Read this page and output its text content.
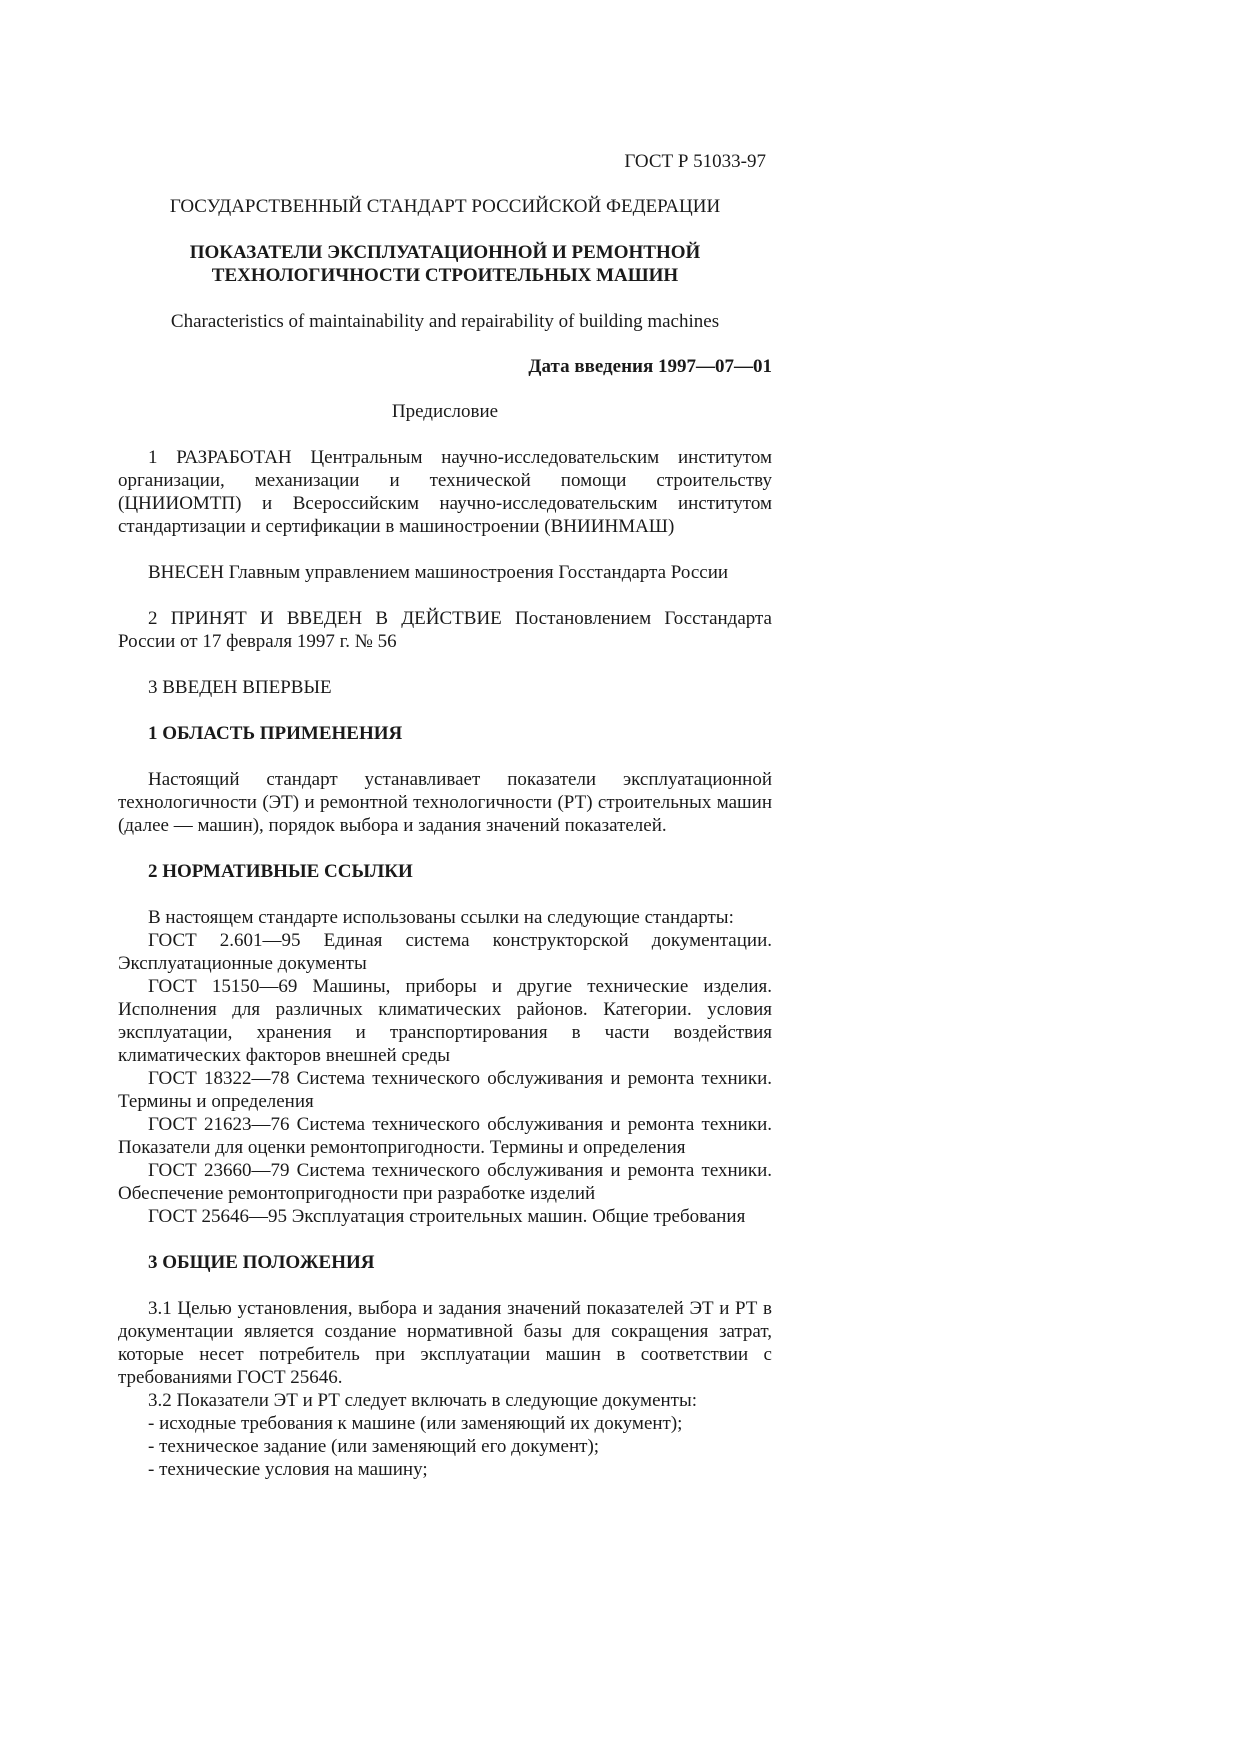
ГОСТ Р 51033-97
ГОСУДАРСТВЕННЫЙ СТАНДАРТ РОССИЙСКОЙ ФЕДЕРАЦИИ
ПОКАЗАТЕЛИ ЭКСПЛУАТАЦИОННОЙ И РЕМОНТНОЙ
ТЕХНОЛОГИЧНОСТИ СТРОИТЕЛЬНЫХ МАШИН
Characteristics of maintainability and repairability of building machines
Дата введения 1997—07—01
Предисловие

1 РАЗРАБОТАН Центральным научно-исследовательским институтом организации, механизации и технической помощи строительству (ЦНИИОМТП) и Всероссийским научно-исследовательским институтом стандартизации и сертификации в машиностроении (ВНИИНМАШ)

ВНЕСЕН Главным управлением машиностроения Госстандарта России

2 ПРИНЯТ И ВВЕДЕН В ДЕЙСТВИЕ Постановлением Госстандарта России от 17 февраля 1997 г. № 56

3 ВВЕДЕН ВПЕРВЫЕ

1 ОБЛАСТЬ ПРИМЕНЕНИЯ

Настоящий стандарт устанавливает показатели эксплуатационной технологичности (ЭТ) и ремонтной технологичности (РТ) строительных машин (далее — машин), порядок выбора и задания значений показателей.

2 НОРМАТИВНЫЕ ССЫЛКИ

В настоящем стандарте использованы ссылки на следующие стандарты:

ГОСТ 2.601—95 Единая система конструкторской документации. Эксплуатационные документы

ГОСТ 15150—69 Машины, приборы и другие технические изделия. Исполнения для различных климатических районов. Категории. условия эксплуатации, хранения и транспортирования в части воздействия климатических факторов внешней среды

ГОСТ 18322—78 Система технического обслуживания и ремонта техники. Термины и определения

ГОСТ 21623—76 Система технического обслуживания и ремонта техники. Показатели для оценки ремонтопригодности. Термины и определения

ГОСТ 23660—79 Система технического обслуживания и ремонта техники. Обеспечение ремонтопригодности при разработке изделий

ГОСТ 25646—95 Эксплуатация строительных машин. Общие требования

3 ОБЩИЕ ПОЛОЖЕНИЯ

3.1 Целью установления, выбора и задания значений показателей ЭТ и РТ в документации является создание нормативной базы для сокращения затрат, которые несет потребитель при эксплуатации машин в соответствии с требованиями ГОСТ 25646.

3.2 Показатели ЭТ и РТ следует включать в следующие документы:

- исходные требования к машине (или заменяющий их документ);

- техническое задание (или заменяющий его документ);

- технические условия на машину;
